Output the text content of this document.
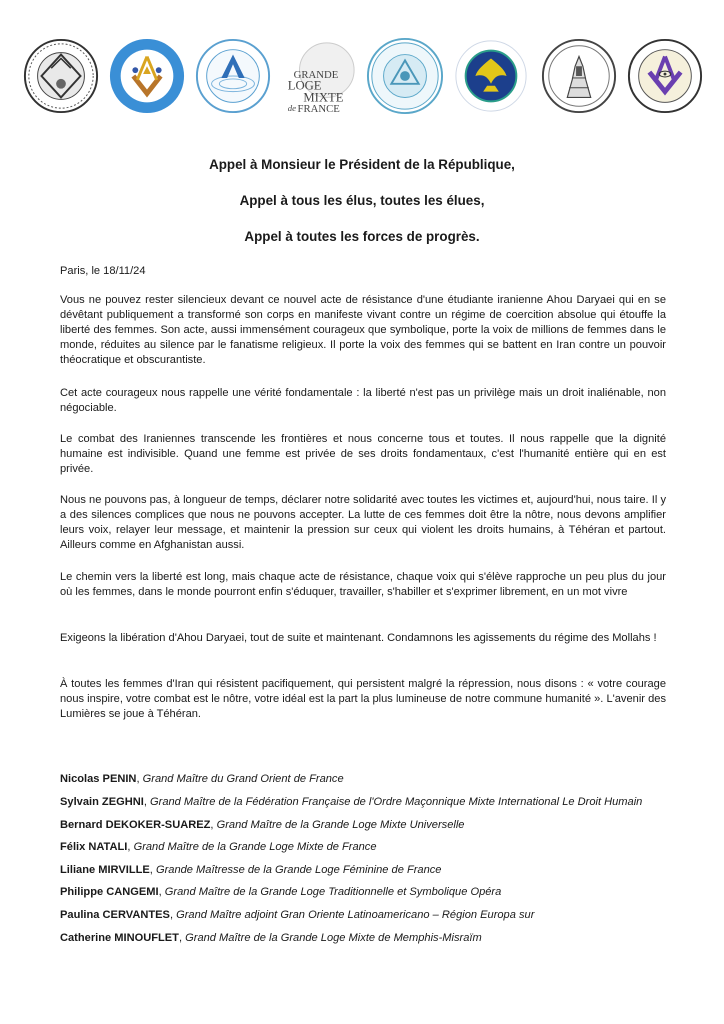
GRANDE
LOGE
MIXTE
de FRANCE

Appel à Monsieur le Président de la République,

Appel à tous les élus, toutes les élues,

Appel à toutes les forces de progrès.

Paris, le 18/11/24

Vous ne pouvez rester silencieux devant ce nouvel acte de résistance d'une étudiante iranienne Ahou Daryaei qui en se dévêtant publiquement a transformé son corps en manifeste vivant contre un régime de coercition absolue qui étouffe la liberté des femmes. Son acte, aussi immensément courageux que symbolique, porte la voix de millions de femmes dans le monde, réduites au silence par le fanatisme religieux. Il porte la voix des femmes qui se battent en Iran contre un pouvoir théocratique et obscurantiste.

Cet acte courageux nous rappelle une vérité fondamentale : la liberté n'est pas un privilège mais un droit inaliénable, non négociable.

Le combat des Iraniennes transcende les frontières et nous concerne tous et toutes. Il nous rappelle que la dignité humaine est indivisible. Quand une femme est privée de ses droits fondamentaux, c'est l'humanité entière qui en est privée.

Nous ne pouvons pas, à longueur de temps, déclarer notre solidarité avec toutes les victimes et, aujourd'hui, nous taire. Il y a des silences complices que nous ne pouvons accepter. La lutte de ces femmes doit être la nôtre, nous devons amplifier leurs voix, relayer leur message, et maintenir la pression sur ceux qui violent les droits humains, à Téhéran et partout. Ailleurs comme en Afghanistan aussi.

Le chemin vers la liberté est long, mais chaque acte de résistance, chaque voix qui s'élève rapproche un peu plus du jour où les femmes, dans le monde pourront enfin s'éduquer, travailler, s'habiller et s'exprimer librement, en un mot vivre

Exigeons la libération d'Ahou Daryaei, tout de suite et maintenant. Condamnons les agissements du régime des Mollahs !

À toutes les femmes d'Iran qui résistent pacifiquement, qui persistent malgré la répression, nous disons : « votre courage nous inspire, votre combat est le nôtre, votre idéal est la part la plus lumineuse de notre commune humanité ». L'avenir des Lumières se joue à Téhéran.

Nicolas PENIN, Grand Maître du Grand Orient de France
Sylvain ZEGHNI, Grand Maître de la Fédération Française de l'Ordre Maçonnique Mixte International Le Droit Humain
Bernard DEKOKER-SUAREZ, Grand Maître de la Grande Loge Mixte Universelle
Félix NATALI, Grand Maître de la Grande Loge Mixte de France
Liliane MIRVILLE, Grande Maîtresse de la Grande Loge Féminine de France
Philippe CANGEMI, Grand Maître de la Grande Loge Traditionnelle et Symbolique Opéra
Paulina CERVANTES, Grand Maître adjoint Gran Oriente Latinoamericano – Région Europa sur
Catherine MINOUFLET, Grand Maître de la Grande Loge Mixte de Memphis-Misraïm
